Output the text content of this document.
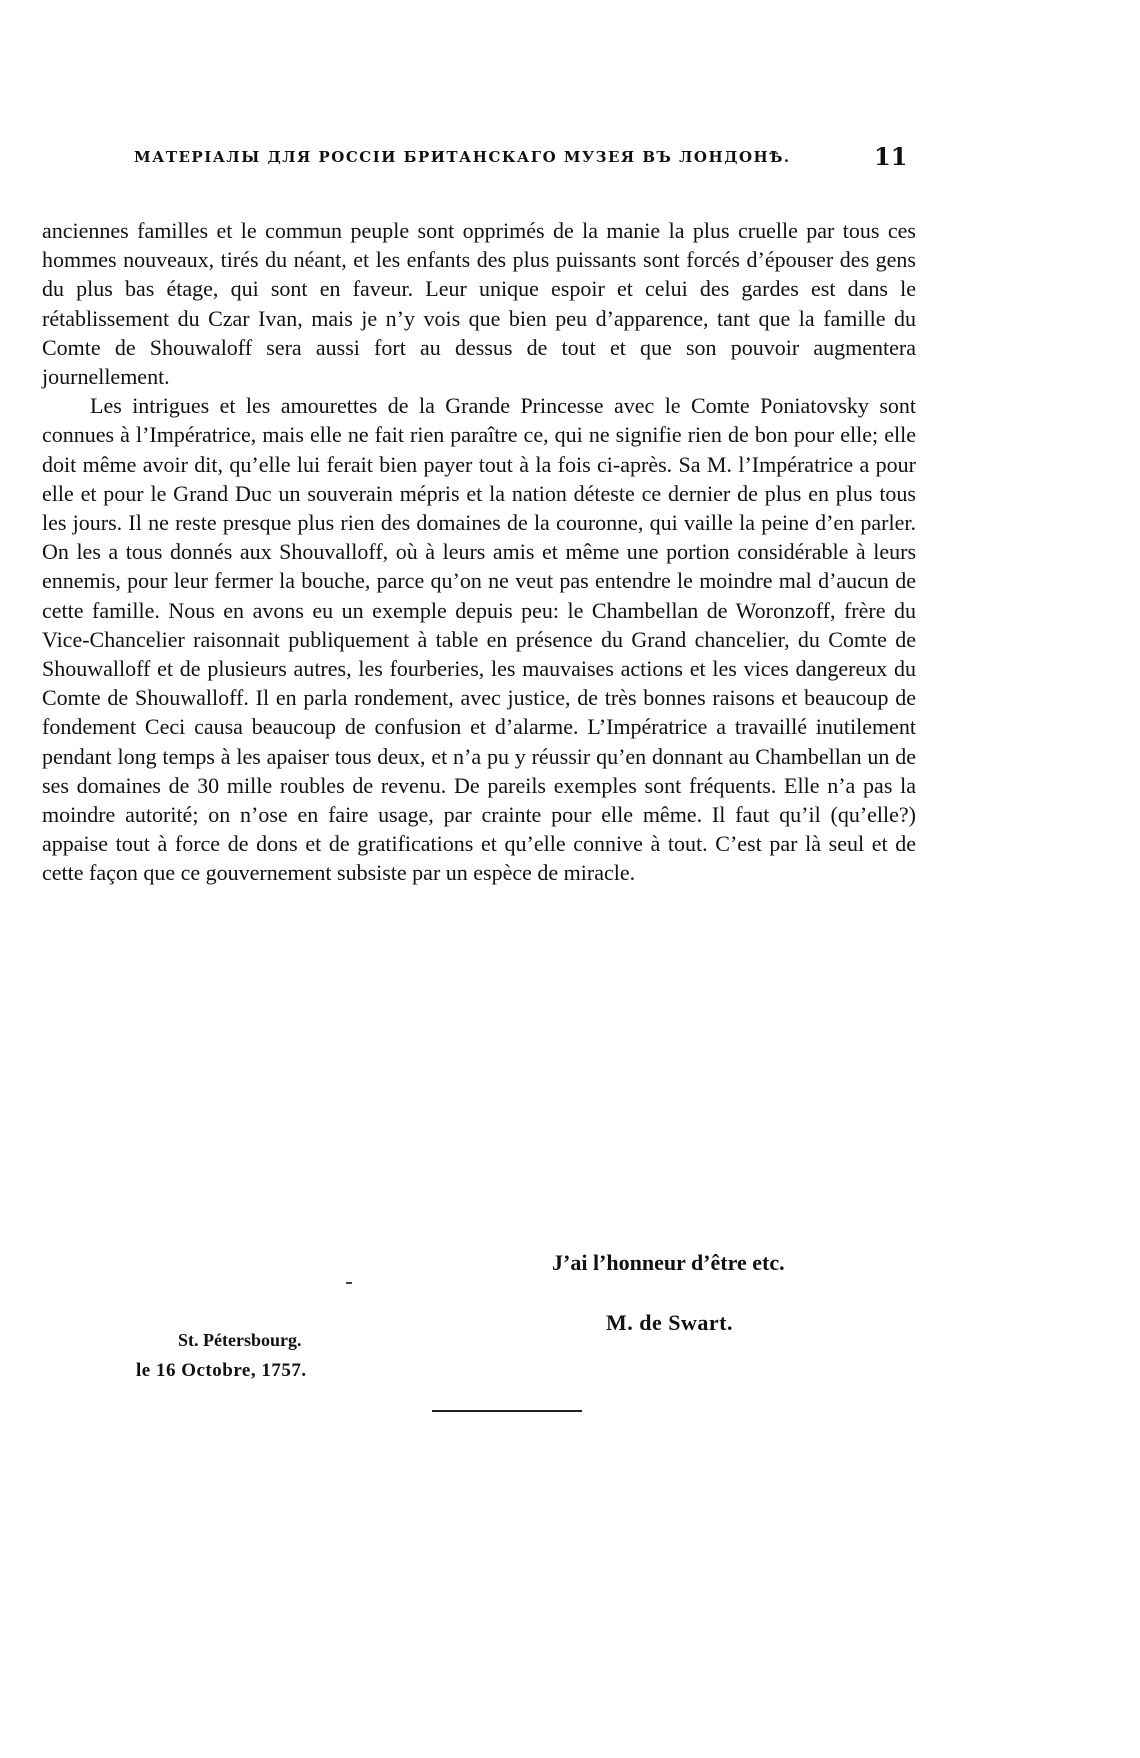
МАТЕРІАЛЫ ДЛЯ РОССІИ БРИТАНСКАГО МУЗЕЯ ВЪ ЛОНДОНѢ.	11

anciennes familles et le commun peuple sont opprimés de la manie la plus cruelle par tous ces hommes nouveaux, tirés du néant, et les enfants des plus puissants sont forcés d’épouser des gens du plus bas étage, qui sont en faveur. Leur unique espoir et celui des gardes est dans le rétablissement du Czar Ivan, mais je n’y vois que bien peu d’apparence, tant que la famille du Comte de Shouwaloff sera aussi fort au dessus de tout et que son pouvoir augmentera journellement.

Les intrigues et les amourettes de la Grande Princesse avec le Comte Poniatovsky sont connues à l’Impératrice, mais elle ne fait rien paraître ce, qui ne signifie rien de bon pour elle; elle doit même avoir dit, qu’elle lui ferait bien payer tout à la fois ci-après. Sa M. l’Impératrice a pour elle et pour le Grand Duc un souverain mépris et la nation déteste ce dernier de plus en plus tous les jours. Il ne reste presque plus rien des domaines de la couronne, qui vaille la peine d’en parler. On les a tous donnés aux Shouvalloff, où à leurs amis et même une portion considérable à leurs ennemis, pour leur fermer la bouche, parce qu’on ne veut pas entendre le moindre mal d’aucun de cette famille. Nous en avons eu un exemple depuis peu: le Chambellan de Woronzoff, frère du Vice-Chancelier raisonnait publiquement à table en présence du Grand chancelier, du Comte de Shouwalloff et de plusieurs autres, les fourberies, les mauvaises actions et les vices dangereux du Comte de Shouwalloff. Il en parla rondement, avec justice, de très bonnes raisons et beaucoup de fondement Ceci causa beaucoup de confusion et d’alarme. L’Impératrice a travaillé inutilement pendant long temps à les apaiser tous deux, et n’a pu y réussir qu’en donnant au Chambellan un de ses domaines de 30 mille roubles de revenu. De pareils exemples sont fréquents. Elle n’a pas la moindre autorité; on n’ose en faire usage, par crainte pour elle même. Il faut qu’il (qu’elle?) appaise tout à force de dons et de gratifications et qu’elle connive à tout. C’est par là seul et de cette façon que ce gouvernement subsiste par un espèce de miracle.

J’ai l’honneur d’être etc.
M. de Swart.
St. Pétersbourg.
le 16 Octobre, 1757.
